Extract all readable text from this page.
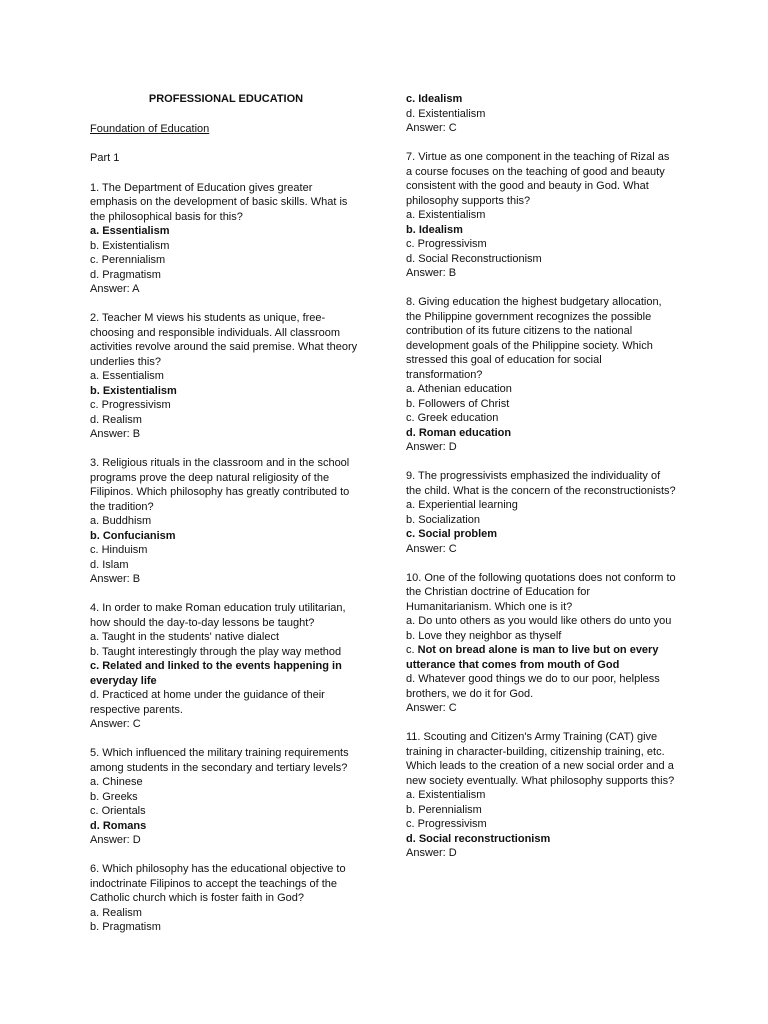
PROFESSIONAL EDUCATION

Foundation of Education

Part 1

1. The Department of Education gives greater emphasis on the development of basic skills. What is the philosophical basis for this?

a. Essentialism

b. Existentialism

c. Perennialism

d. Pragmatism

Answer: A

2. Teacher M views his students as unique, free-choosing and responsible individuals. All classroom activities revolve around the said premise. What theory underlies this?

a. Essentialism

b. Existentialism

c. Progressivism

d. Realism

Answer: B

3. Religious rituals in the classroom and in the school programs prove the deep natural religiosity of the Filipinos. Which philosophy has greatly contributed to the tradition?

a. Buddhism

b. Confucianism

c. Hinduism

d. Islam

Answer: B

4. In order to make Roman education truly utilitarian, how should the day-to-day lessons be taught?

a. Taught in the students' native dialect

b. Taught interestingly through the play way method

c. Related and linked to the events happening in everyday life

d. Practiced at home under the guidance of their respective parents.

Answer: C

5. Which influenced the military training requirements among students in the secondary and tertiary levels?

a. Chinese

b. Greeks

c. Orientals

d. Romans

Answer: D

6. Which philosophy has the educational objective to indoctrinate Filipinos to accept the teachings of the Catholic church which is foster faith in God?

a. Realism

b. Pragmatism

c. Idealism

d. Existentialism

Answer: C

7. Virtue as one component in the teaching of Rizal as a course focuses on the teaching of good and beauty consistent with the good and beauty in God. What philosophy supports this?

a. Existentialism

b. Idealism

c. Progressivism

d. Social Reconstructionism

Answer: B

8. Giving education the highest budgetary allocation, the Philippine government recognizes the possible contribution of its future citizens to the national development goals of the Philippine society. Which stressed this goal of education for social transformation?

a. Athenian education

b. Followers of Christ

c. Greek education

d. Roman education

Answer: D

9. The progressivists emphasized the individuality of the child. What is the concern of the reconstructionists?

a. Experiential learning

b. Socialization

c. Social problem

Answer: C

10. One of the following quotations does not conform to the Christian doctrine of Education for Humanitarianism. Which one is it?

a. Do unto others as you would like others do unto you

b. Love they neighbor as thyself

c. Not on bread alone is man to live but on every utterance that comes from mouth of God

d. Whatever good things we do to our poor, helpless brothers, we do it for God.

Answer: C

11. Scouting and Citizen's Army Training (CAT) give training in character-building, citizenship training, etc. Which leads to the creation of a new social order and a new society eventually. What philosophy supports this?

a. Existentialism

b. Perennialism

c. Progressivism

d. Social reconstructionism

Answer: D
